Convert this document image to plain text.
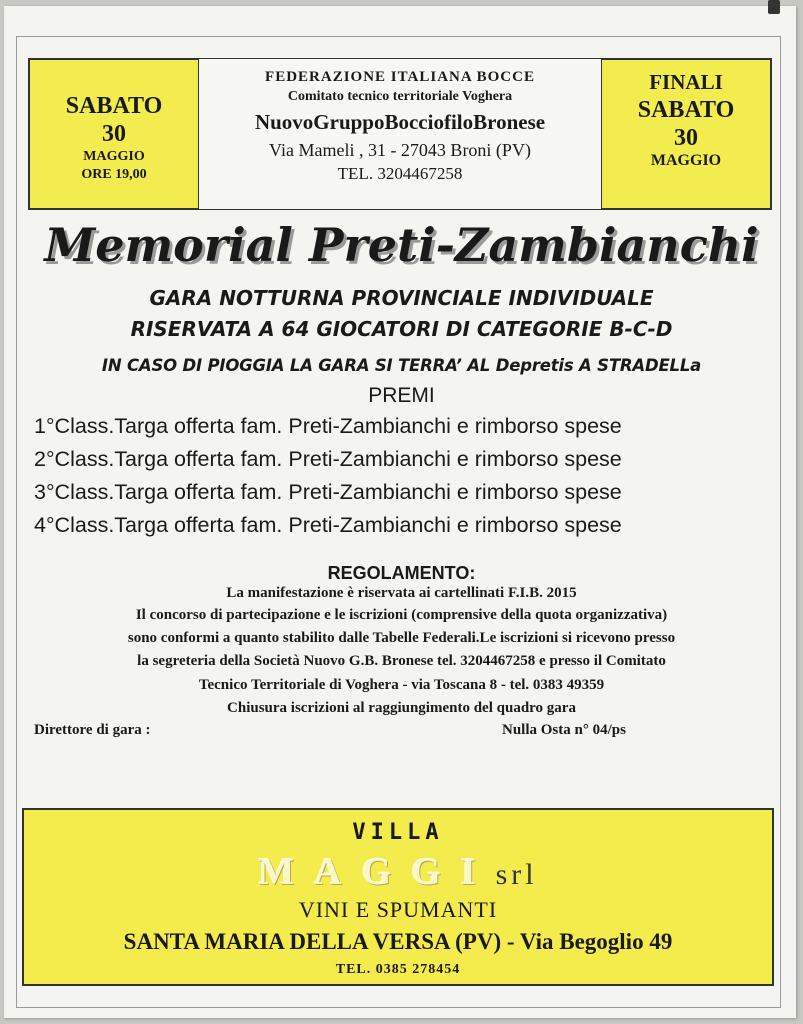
SABATO
30
MAGGIO
ORE 19,00
FEDERAZIONE ITALIANA BOCCE
Comitato tecnico territoriale Voghera
NuovoGruppoBocciofiloBronese
Via Mameli , 31 - 27043 Broni (PV)
TEL. 3204467258
FINALI
SABATO
30
MAGGIO
Memorial Preti-Zambianchi
GARA NOTTURNA PROVINCIALE INDIVIDUALE
RISERVATA A 64 GIOCATORI DI CATEGORIE B-C-D
IN CASO DI PIOGGIA LA GARA SI TERRA’ AL Depretis A STRADELLa
PREMI
1°Class.Targa offerta fam. Preti-Zambianchi e rimborso spese
2°Class.Targa offerta fam. Preti-Zambianchi e rimborso spese
3°Class.Targa offerta fam. Preti-Zambianchi e rimborso spese
4°Class.Targa offerta fam. Preti-Zambianchi e rimborso spese
REGOLAMENTO:
La manifestazione è riservata ai cartellinati F.I.B. 2015
Il concorso di partecipazione e le iscrizioni (comprensive della quota organizzativa)
sono conformi a quanto stabilito dalle Tabelle Federali.Le iscrizioni si ricevono presso
la segreteria della Società Nuovo G.B. Bronese tel. 3204467258 e presso il Comitato
Tecnico Territoriale di Voghera - via Toscana 8 - tel. 0383 49359
Chiusura iscrizioni al raggiungimento del quadro gara
Direttore di gara :	Nulla Osta n° 04/ps
VILLA
MAGGIsrl
VINI E SPUMANTI
SANTA MARIA DELLA VERSA (PV) - Via Begoglio 49
TEL. 0385 278454
